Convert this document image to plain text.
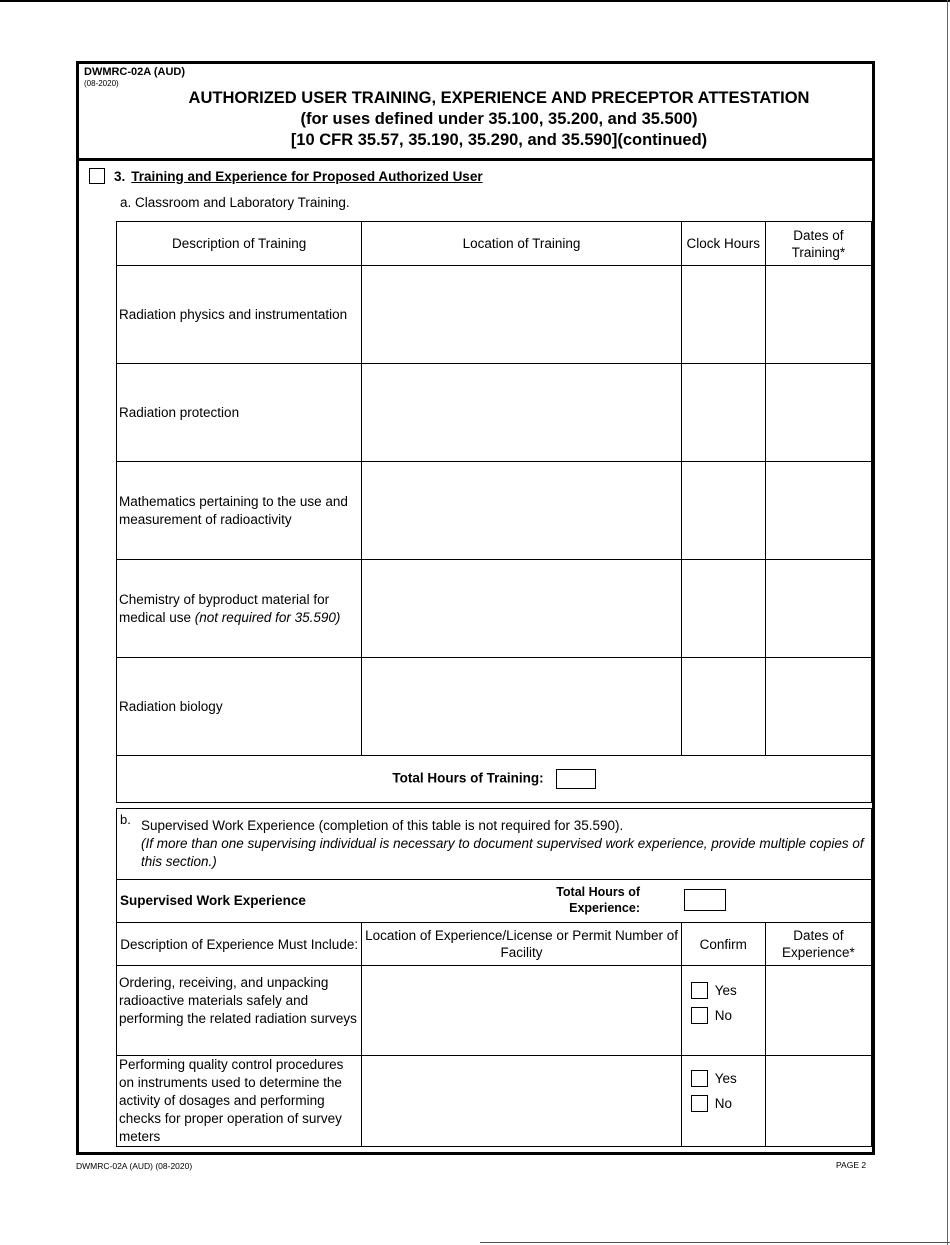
DWMRC-02A (AUD)
(08-2020)
AUTHORIZED USER TRAINING, EXPERIENCE AND PRECEPTOR ATTESTATION
(for uses defined under 35.100, 35.200, and 35.500)
[10 CFR 35.57, 35.190, 35.290, and 35.590](continued)
3. Training and Experience for Proposed Authorized User
a. Classroom and Laboratory Training.
Description of Training	Location of Training	Clock Hours	Dates of Training*
Radiation physics and instrumentation			
Radiation protection			
Mathematics pertaining to the use and measurement of radioactivity			
Chemistry of byproduct material for medical use (not required for 35.590)			
Radiation biology			
Total Hours of Training:			
b. Supervised Work Experience (completion of this table is not required for 35.590).
(If more than one supervising individual is necessary to document supervised work experience, provide multiple copies of this section.)
Supervised Work Experience
Total Hours of Experience:			

Description of Experience Must Include:	Location of Experience/License or Permit Number of Facility	Confirm	Dates of Experience*
Ordering, receiving, and unpacking radioactive materials safely and performing the related radiation surveys		Yes
No	

Performing quality control procedures on instruments used to determine the activity of dosages and performing checks for proper operation of survey meters		Yes
No	

DWMRC-02A (AUD) (08-2020)	PAGE 2
